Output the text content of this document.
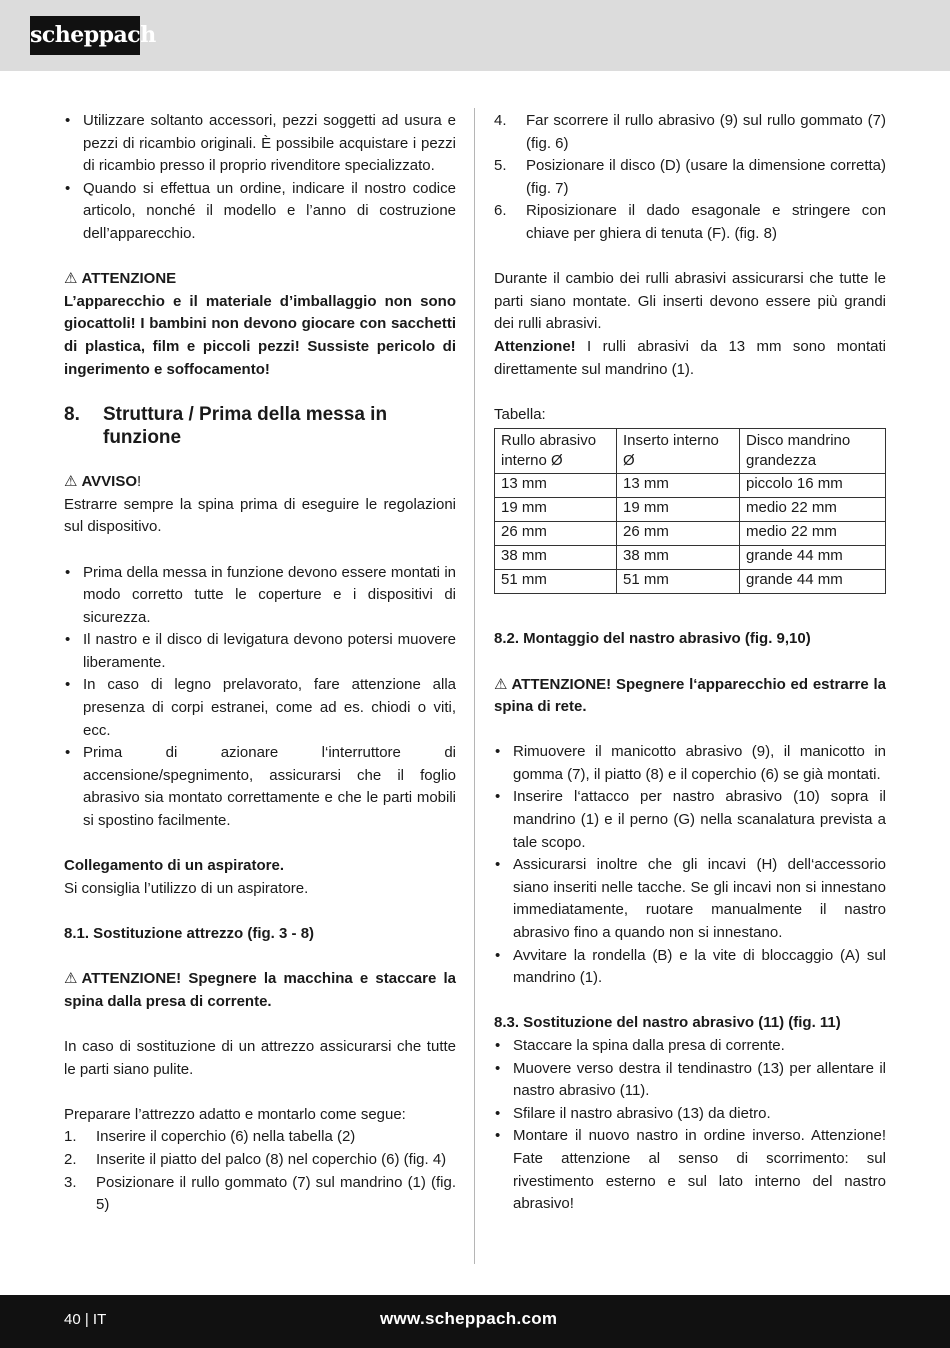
scheppach
• Utilizzare soltanto accessori, pezzi soggetti ad usura e pezzi di ricambio originali. È possibile acquistare i pezzi di ricambio presso il proprio rivenditore specializzato.
• Quando si effettua un ordine, indicare il nostro codice articolo, nonché il modello e l’anno di costruzione dell’apparecchio.

⚠ ATTENZIONE

L’apparecchio e il materiale d’imballaggio non sono giocattoli! I bambini non devono giocare con sacchetti di plastica, film e piccoli pezzi! Sussiste pericolo di ingerimento e soffocamento!

8. Struttura / Prima della messa in funzione

⚠ AVVISO!

Estrarre sempre la spina prima di eseguire le regolazioni sul dispositivo.

• Prima della messa in funzione devono essere montati in modo corretto tutte le coperture e i dispositivi di sicurezza.
• Il nastro e il disco di levigatura devono potersi muovere liberamente.
• In caso di legno prelavorato, fare attenzione alla presenza di corpi estranei, come ad es. chiodi o viti, ecc.
• Prima di azionare l‘interruttore di accensione/spegnimento, assicurarsi che il foglio abrasivo sia montato correttamente e che le parti mobili si spostino facilmente.

Collegamento di un aspiratore.

Si consiglia l’utilizzo di un aspiratore.

8.1. Sostituzione attrezzo (fig. 3 - 8)

⚠ ATTENZIONE! Spegnere la macchina e staccare la spina dalla presa di corrente.

In caso di sostituzione di un attrezzo assicurarsi che tutte le parti siano pulite.

Preparare l’attrezzo adatto e montarlo come segue:

1. Inserire il coperchio (6) nella tabella (2)
2. Inserite il piatto del palco (8) nel coperchio (6) (fig. 4)
3. Posizionare il rullo gommato (7) sul mandrino (1) (fig. 5)
4. Far scorrere il rullo abrasivo (9) sul rullo gommato (7) (fig. 6)
5. Posizionare il disco (D) (usare la dimensione corretta) (fig. 7)
6. Riposizionare il dado esagonale e stringere con chiave per ghiera di tenuta (F). (fig. 8)

Durante il cambio dei rulli abrasivi assicurarsi che tutte le parti siano montate. Gli inserti devono essere più grandi dei rulli abrasivi.

Attenzione! I rulli abrasivi da 13 mm sono montati direttamente sul mandrino (1).

Tabella:

Rullo abrasivo interno Ø	Inserto interno Ø	Disco mandrino grandezza
13 mm	13 mm	piccolo 16 mm
19 mm	19 mm	medio 22 mm
26 mm	26 mm	medio 22 mm
38 mm	38 mm	grande 44 mm
51 mm	51 mm	grande 44 mm

8.2. Montaggio del nastro abrasivo (fig. 9,10)

⚠ ATTENZIONE! Spegnere l‘apparecchio ed estrarre la spina di rete.

• Rimuovere il manicotto abrasivo (9), il manicotto in gomma (7), il piatto (8) e il coperchio (6) se già montati.
• Inserire l‘attacco per nastro abrasivo (10) sopra il mandrino (1) e il perno (G) nella scanalatura prevista a tale scopo.
• Assicurarsi inoltre che gli incavi (H) dell‘accessorio siano inseriti nelle tacche. Se gli incavi non si innestano immediatamente, ruotare manualmente il nastro abrasivo fino a quando non si innestano.
• Avvitare la rondella (B) e la vite di bloccaggio (A) sul mandrino (1).

8.3. Sostituzione del nastro abrasivo (11) (fig. 11)

• Staccare la spina dalla presa di corrente.
• Muovere verso destra il tendinastro (13) per allentare il nastro abrasivo (11).
• Sfilare il nastro abrasivo (13) da dietro.
• Montare il nuovo nastro in ordine inverso. Attenzione! Fate attenzione al senso di scorrimento: sul rivestimento esterno e sul lato interno del nastro abrasivo!
40 | IT	www.scheppach.com
